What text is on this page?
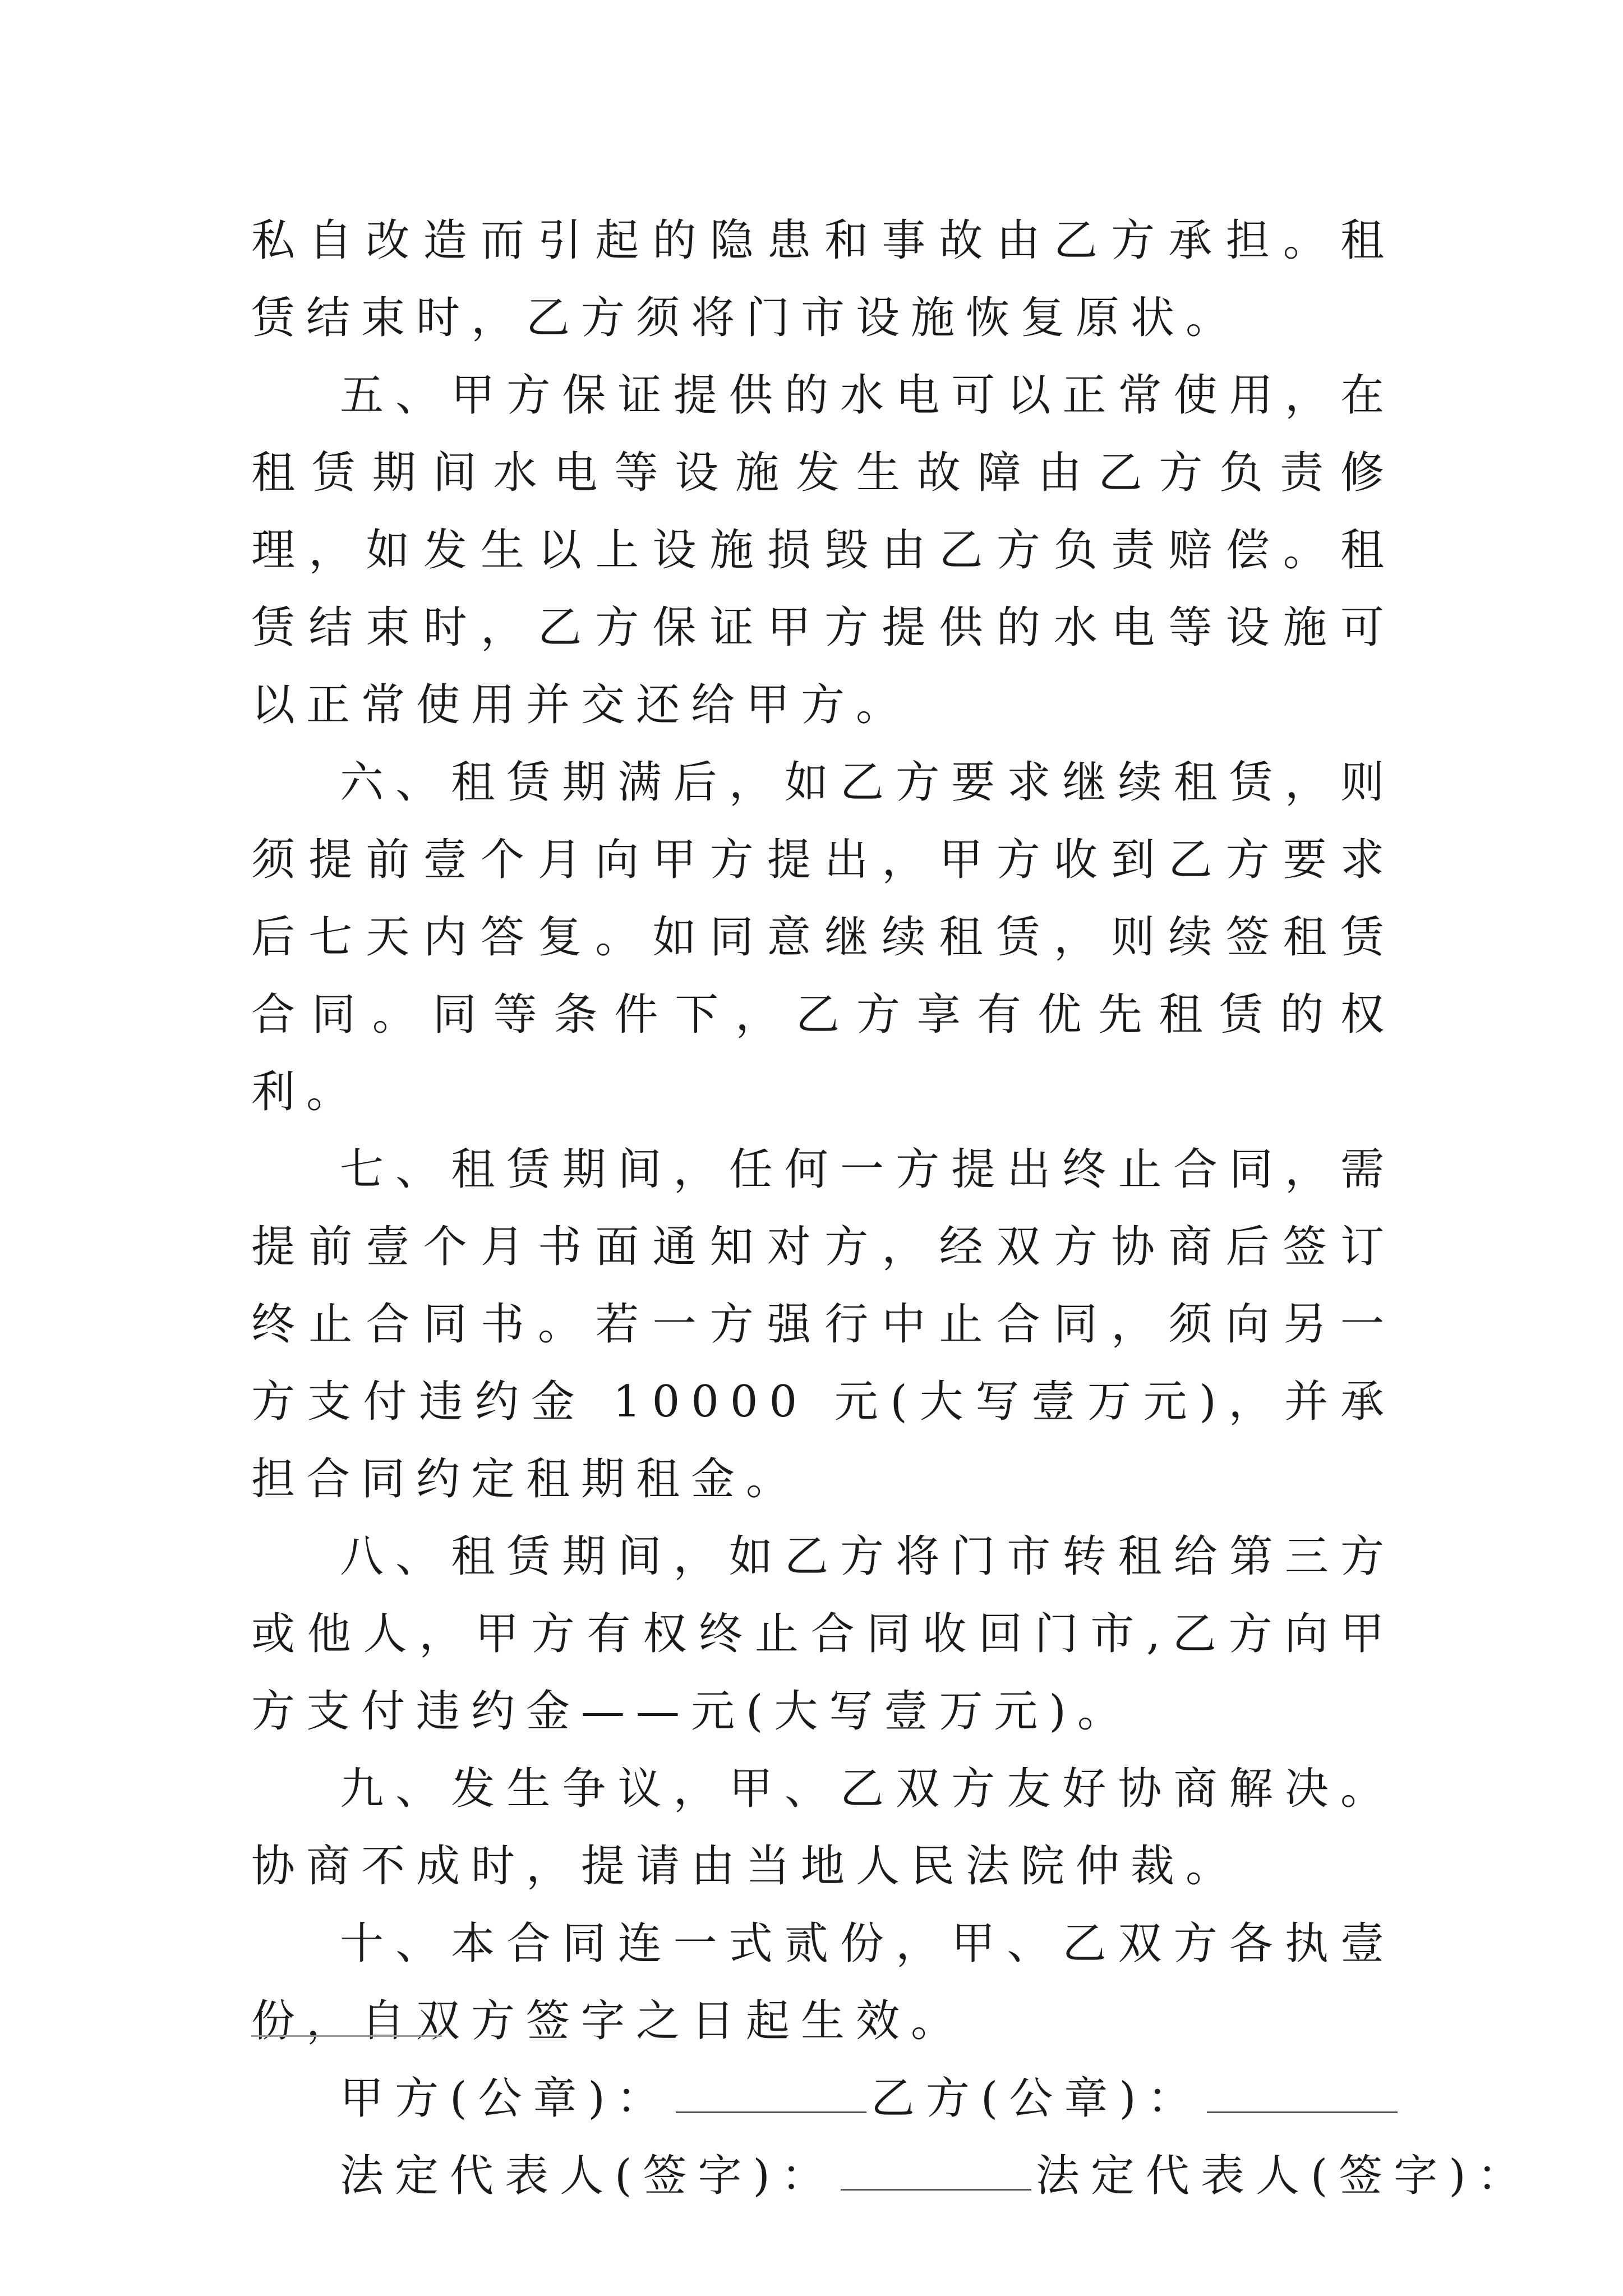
私自改造而引起的隐患和事故由乙方承担。租赁结束时，乙方须将门市设施恢复原状。

五、甲方保证提供的水电可以正常使用，在租赁期间水电等设施发生故障由乙方负责修理，如发生以上设施损毁由乙方负责赔偿。租赁结束时，乙方保证甲方提供的水电等设施可以正常使用并交还给甲方。

六、租赁期满后，如乙方要求继续租赁，则须提前壹个月向甲方提出，甲方收到乙方要求后七天内答复。如同意继续租赁，则续签租赁合同。同等条件下，乙方享有优先租赁的权利。

七、租赁期间，任何一方提出终止合同，需提前壹个月书面通知对方，经双方协商后签订终止合同书。若一方强行中止合同，须向另一方支付违约金 10000 元(大写壹万元)，并承担合同约定租期租金。

八、租赁期间，如乙方将门市转租给第三方或他人，甲方有权终止合同收回门市,乙方向甲方支付违约金——元(大写壹万元)。

九、发生争议，甲、乙双方友好协商解决。协商不成时，提请由当地人民法院仲裁。

十、本合同连一式贰份，甲、乙双方各执壹份，自双方签字之日起生效。

甲方(公章)：	乙方(公章)：
法定代表人(签字)：	法定代表人(签字)：
